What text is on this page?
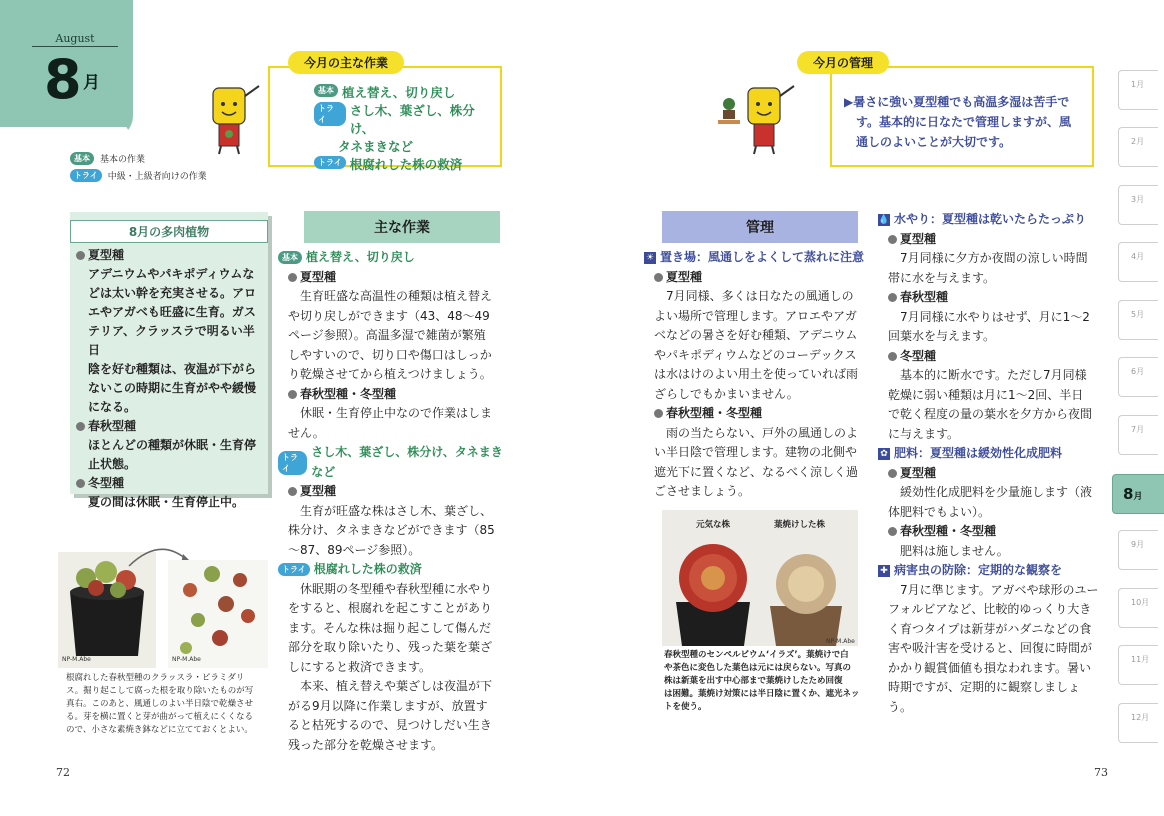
August
8 月
基本	基本の作業
トライ	中級・上級者向けの作業
今月の主な作業
基本 植え替え、切り戻し
トライ
さし木、葉ざし、株分け、
タネまきなど
トライ 根腐れした株の救済
今月の管理
▶暑さに強い夏型種でも高温多湿は苦手で
す。基本的に日なたで管理しますが、風
通しのよいことが大切です。
8月の多肉植物
夏型種
アデニウムやパキポディウムな
どは太い幹を充実させる。アロ
エやアガベも旺盛に生育。ガス
テリア、クラッスラで明るい半日
陰を好む種類は、夜温が下がら
ないこの時期に生育がやや緩慢
になる。
春秋型種
ほとんどの種類が休眠・生育停
止状態。
冬型種
夏の間は休眠・生育停止中。
主な作業
基本 植え替え、切り戻し
夏型種
生育旺盛な高温性の種類は植え替え
や切り戻しができます（43、48〜49
ページ参照）。高温多湿で雑菌が繁殖
しやすいので、切り口や傷口はしっか
り乾燥させてから植えつけましょう。
春秋型種・冬型種
休眠・生育停止中なので作業はしま
せん。
トライ
さし木、葉ざし、株分け、タネまきなど
夏型種
生育が旺盛な株はさし木、葉ざし、
株分け、タネまきなどができます（85
〜87、89ページ参照）。
トライ 根腐れした株の救済
休眠期の冬型種や春秋型種に水やり
をすると、根腐れを起こすことがあり
ます。そんな株は掘り起こして傷んだ
部分を取り除いたり、残った葉を葉ざ
しにすると救済できます。
本来、植え替えや葉ざしは夜温が下
がる9月以降に作業しますが、放置す
ると枯死するので、見つけしだい生き
残った部分を乾燥させます。
NP-M.Abe	NP-M.Abe
根腐れした春秋型種のクラッスラ・ピラミダリ
ス。掘り起こして腐った根を取り除いたものが写
真右。このあと、風通しのよい半日陰で乾燥させ
る。芽を横に置くと芽が曲がって植えにくくなる
ので、小さな素焼き鉢などに立てておくとよい。
管理
☀ 置き場：風通しをよくして蒸れに注意
夏型種
7月同様、多くは日なたの風通しの
よい場所で管理します。アロエやアガ
ベなどの暑さを好む種類、アデニウム
やパキポディウムなどのコーデックス
は水はけのよい用土を使っていれば雨
ざらしでもかまいません。
春秋型種・冬型種
雨の当たらない、戸外の風通しのよ
い半日陰で管理します。建物の北側や
遮光下に置くなど、なるべく涼しく過
ごさせましょう。
元気な株	葉焼けした株
NP-M.Abe
春秋型種のセンペルビウム‘イラズ’。葉焼けで白
や茶色に変色した葉色は元には戻らない。写真の
株は新葉を出す中心部まで葉焼けしたため回復
は困難。葉焼け対策には半日陰に置くか、遮光ネッ
トを使う。
💧 水やり：夏型種は乾いたらたっぷり
夏型種
7月同様に夕方か夜間の涼しい時間
帯に水を与えます。
春秋型種
7月同様に水やりはせず、月に1〜2
回葉水を与えます。
冬型種
基本的に断水です。ただし7月同様
乾燥に弱い種類は月に1〜2回、半日
で乾く程度の量の葉水を夕方から夜間
に与えます。
✿ 肥料：夏型種は緩効性化成肥料
夏型種
緩効性化成肥料を少量施します（液
体肥料でもよい）。
春秋型種・冬型種
肥料は施しません。
✚ 病害虫の防除：定期的な観察を
7月に準じます。アガベや球形のユー
フォルビアなど、比較的ゆっくり大き
く育つタイプは新芽がハダニなどの食
害や吸汁害を受けると、回復に時間が
かかり観賞価値も損なわれます。暑い
時期ですが、定期的に観察しましょう。
1月
2月
3月
4月
5月
6月
7月
8月
9月
10月
11月
12月
72	73
